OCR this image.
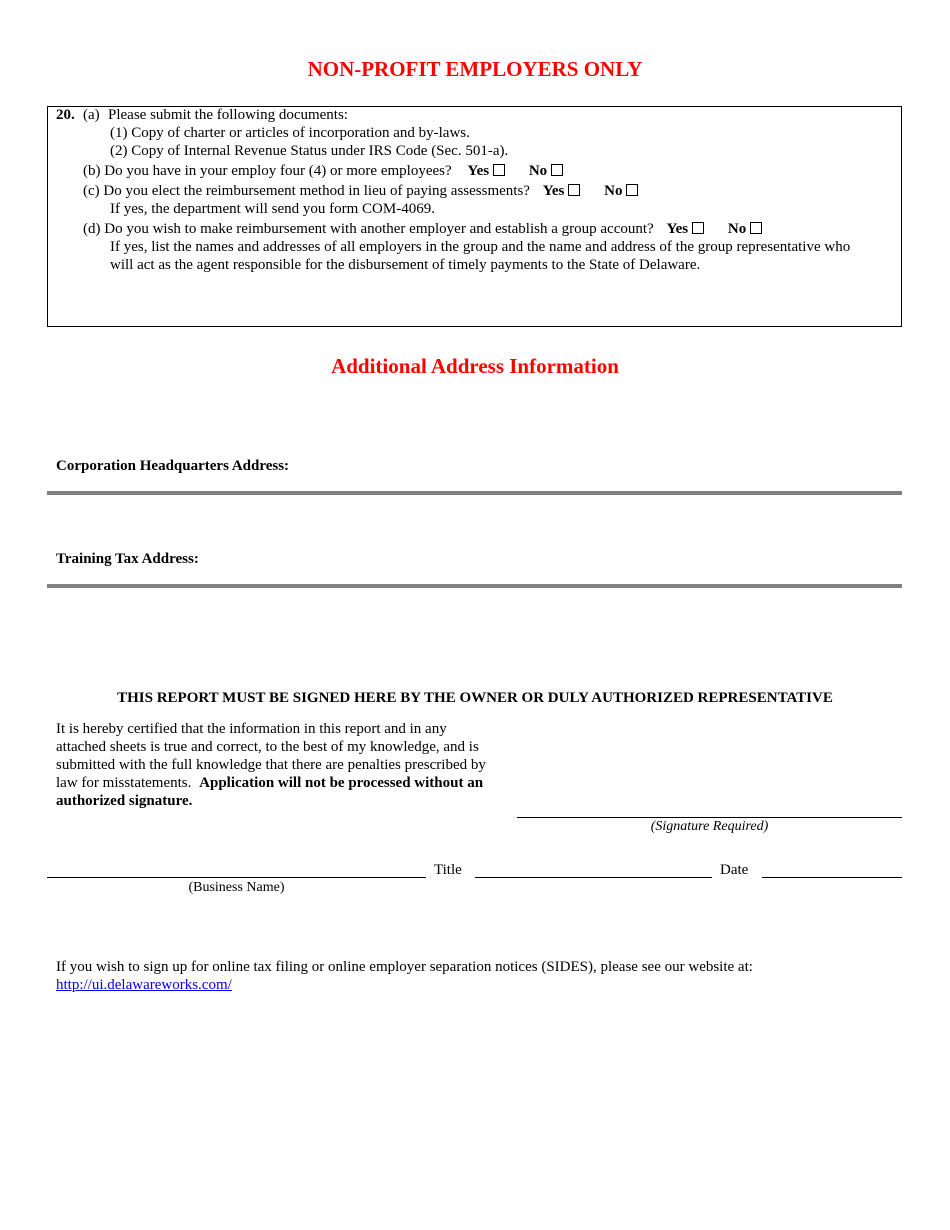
NON-PROFIT EMPLOYERS ONLY
20. (a) Please submit the following documents:
(1) Copy of charter or articles of incorporation and by-laws.
(2) Copy of Internal Revenue Status under IRS Code (Sec. 501-a).
(b) Do you have in your employ four (4) or more employees? Yes	No
(c) Do you elect the reimbursement method in lieu of paying assessments? Yes	No
If yes, the department will send you form COM-4069.
(d) Do you wish to make reimbursement with another employer and establish a group account? Yes	No
If yes, list the names and addresses of all employers in the group and the name and address of the group representative who
will act as the agent responsible for the disbursement of timely payments to the State of Delaware.
Additional Address Information
Corporation Headquarters Address:
Training Tax Address:
THIS REPORT MUST BE SIGNED HERE BY THE OWNER OR DULY AUTHORIZED REPRESENTATIVE
It is hereby certified that the information in this report and in any
attached sheets is true and correct, to the best of my knowledge, and is
submitted with the full knowledge that there are penalties prescribed by
law for misstatements. Application will not be processed without an
authorized signature.
(Signature Required)
Title	Date
(Business Name)
If you wish to sign up for online tax filing or online employer separation notices (SIDES), please see our website at:
http://ui.delawareworks.com/
